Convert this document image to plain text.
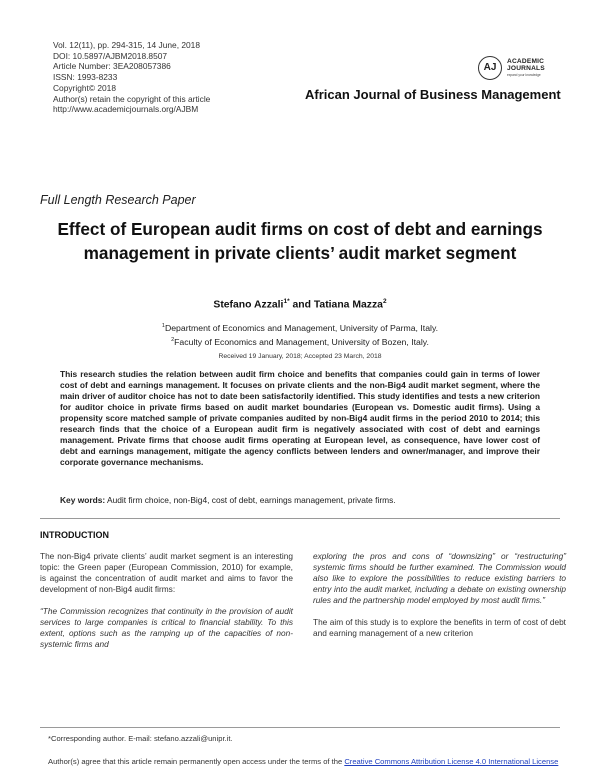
Vol. 12(11), pp. 294-315, 14 June, 2018
DOI: 10.5897/AJBM2018.8507
Article Number: 3EA208057386
ISSN: 1993-8233
Copyright© 2018
Author(s) retain the copyright of this article
http://www.academicjournals.org/AJBM
AJ
ACADEMIC
JOURNALS
expand your knowledge
African Journal of Business Management
Full Length Research Paper
Effect of European audit firms on cost of debt and earnings management in private clients’ audit market segment
Stefano Azzali$^{1*}$ and Tatiana Mazza$^2$
$^1$Department of Economics and Management, University of Parma, Italy.
$^2$Faculty of Economics and Management, University of Bozen, Italy.
Received 19 January, 2018; Accepted 23 March, 2018
This research studies the relation between audit firm choice and benefits that companies could gain in terms of lower cost of debt and earnings management. It focuses on private clients and the non-Big4 audit market segment, where the main driver of auditor choice has not to date been satisfactorily identified. This study identifies and tests a new criterion for auditor choice in private firms based on audit market boundaries (European vs. Domestic audit firms). Using a propensity score matched sample of private companies audited by non-Big4 audit firms in the period 2010 to 2014; this research finds that the choice of a European audit firm is negatively associated with cost of debt and earnings management. Private firms that choose audit firms operating at European level, as consequence, have lower cost of debt and earnings management, mitigate the agency conflicts between lenders and owner/manager, and improve their corporate governance mechanisms.
Key words: Audit firm choice, non-Big4, cost of debt, earnings management, private firms.
INTRODUCTION

The non-Big4 private clients’ audit market segment is an interesting topic: the Green paper (European Commission, 2010) for example, is against the concentration of audit market and aims to favor the development of non-Big4 audit firms:

“The Commission recognizes that continuity in the provision of audit services to large companies is critical to financial stability. To this extent, options such as the ramping up of the capacities of non-systemic firms and

exploring the pros and cons of “downsizing” or “restructuring” systemic firms should be further examined. The Commission would also like to explore the possibilities to reduce existing barriers to entry into the audit market, including a debate on existing ownership rules and the partnership model employed by most audit firms.”

The aim of this study is to explore the benefits in term of cost of debt and earning management of a new criterion

*Corresponding author. E-mail: stefano.azzali@unipr.it.
Author(s) agree that this article remain permanently open access under the terms of the Creative Commons Attribution License 4.0 International License
